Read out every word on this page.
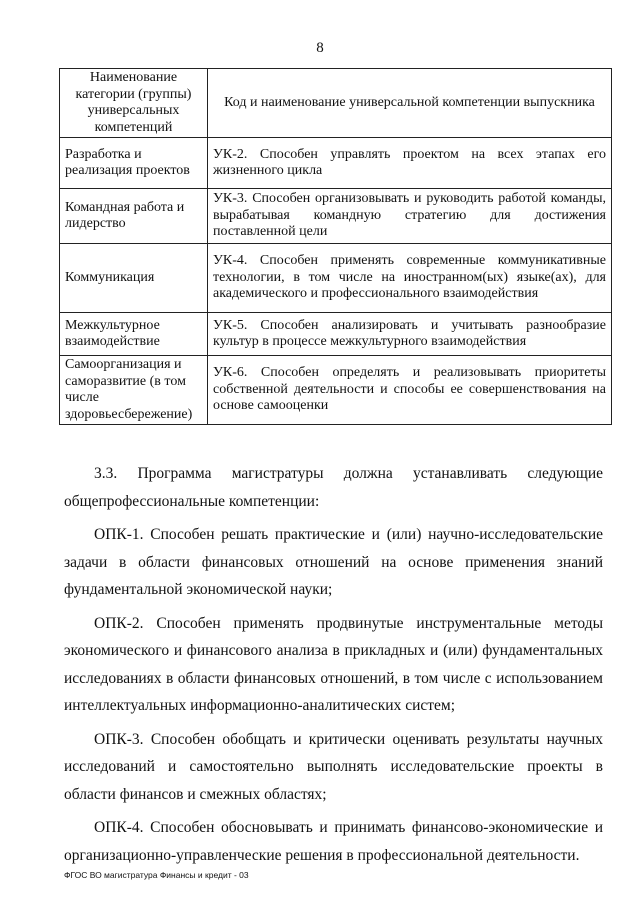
8
Наименование категории (группы) универсальных компетенций	Код и наименование универсальной компетенции выпускника
Разработка и реализация проектов	УК-2. Способен управлять проектом на всех этапах его жизненного цикла
Командная работа и лидерство	УК-3. Способен организовывать и руководить работой команды, вырабатывая командную стратегию для достижения поставленной цели
Коммуникация	УК-4. Способен применять современные коммуникативные технологии, в том числе на иностранном(ых) языке(ах), для академического и профессионального взаимодействия
Межкультурное взаимодействие	УК-5. Способен анализировать и учитывать разнообразие культур в процессе межкультурного взаимодействия
Самоорганизация и саморазвитие (в том числе здоровьесбережение)	УК-6. Способен определять и реализовывать приоритеты собственной деятельности и способы ее совершенствования на основе самооценки

3.3. Программа магистратуры должна устанавливать следующие общепрофессиональные компетенции:

ОПК-1. Способен решать практические и (или) научно-исследовательские задачи в области финансовых отношений на основе применения знаний фундаментальной экономической науки;

ОПК-2. Способен применять продвинутые инструментальные методы экономического и финансового анализа в прикладных и (или) фундаментальных исследованиях в области финансовых отношений, в том числе с использованием интеллектуальных информационно-аналитических систем;

ОПК-3. Способен обобщать и критически оценивать результаты научных исследований и самостоятельно выполнять исследовательские проекты в области финансов и смежных областях;

ОПК-4. Способен обосновывать и принимать финансово-экономические и организационно-управленческие решения в профессиональной деятельности.

ФГОС ВО магистратура Финансы и кредит - 03
